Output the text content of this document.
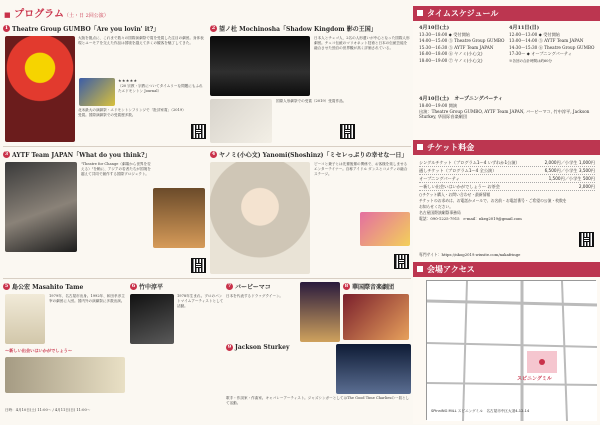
■ プログラム（土・日 2回公演）
1 Theatre Group GUMBO「Are you lovin' it?」
大阪を拠点に、これまで数々の国際演劇祭で賞を受賞した注目の劇団。身体表現とユーモアを交えた作品は国境を越えて多くの観客を魅了してきた。
★★★★★
（20 宗教・宗教についてタイムリーな問題にもふれたエドモントン Journal）
北米最大の演劇祭・エドモントンフリンジで「批評家賞」（2019）受賞。国際演劇祭での受賞歴多数。
2 望ノ杜 Mochinosha「Shadow Kingdom 影の王国」
日本人とチェゴ人、2名の人形遣いが中心となった国際人形劇団。チェコ伝統のマリオネット技術と日本の伝統芸能を融合させた独自の世界観が高く評価されている。
国際人形劇祭での受賞（2019）受賞作品。
3 AYTF Team JAPAN「What do you think?」
"Theatre for Change（劇場から世界を変える）"を軸に、アジアの若者たちが国境を越えて共同で創作する国際プロジェクト。
4 ヤノミ(小心文) Yanomi(Shoshinz)「ミセレっぷりの幸せな一日」
ピーコと兼子とは先輩後輩の関係で、お客様を楽しませるエンターテイナー。自称アイドル ダンスとコメディの融合ステージ。
5 島公宏 Masahito Tame
1979年、名古屋市出身。1992年、和田孝彦主宰の劇団に入団。国内外の演劇祭に多数出演。
～新しい出会いはいかがでしょう～
日時：4月10日(土) 11:00～ / 4月11日(日) 11:00～
6 竹中淳平
1978年生まれ。プロのパントマイムアーティストとして活動。
7 バービーマコ
日本を代表するドラァグクイーン。
8 華国際音楽劇団
9 Jackson Sturkey
歌手・作詞家・作曲家。キャバレーアーティスト。ジャズシンガーとしてはThe Good Time Charliesの一員として活動。
タイムスケジュール
4月10日(土)
13:30～18:00 ◆ 受付開始
14:00～15:00 ⑤ Theatre Group GUMBO
15:30～16:30 ⑤ AYTF Team JAPAN
16:00～18:00 ⑥ ヤノミ(小心文)
18:00～19:00 ⑦ ヤノミ(小心文)
4月11日(日)
12:00～13:00 ◆ 受付開始
13:00～14:00 ⑤ AYTF Team JAPAN
14:30～15:30 ⑥ Theatre Group GUMBO
17:30～ ◆ オープニングパーティ
※各回の合計時間は約60分
4月10日(土)　 オープニングパーティ
18:00～19:00 開演
出演：Theatre Group GUMBO, AYTF Team JAPAN, バービーマコ, 竹中淳平, Jackson Sturkey, 华国际音楽劇団
チケット料金
シングルチケット（プログラム1～4 いずれか1公演）	2,000円／小学生 1,000円
通しチケット（プログラム1～4 全公演）	6,500円／小学生 3,500円
オープニングパーティ	1,500円／小学生 500円
～新しい出会いはいかがでしょう～ お茶会	2,000円
○チケット購入・お問い合わせ・最新情報
チケットのお求めは、お電話かメールで、お名前・お電話番号・ご希望の公演・枚数をお知らせください。
名古屋国際演劇祭事務局
電話：090-1225-7915　e-mail：nkeg2019@gmail.com
専門サイト：https://nkog2019.wixsite.com/nakafringe
会場アクセス
スピニングミル
SPinniNG MiLL スピニングミル　名古屋市中区大須4-12-14
